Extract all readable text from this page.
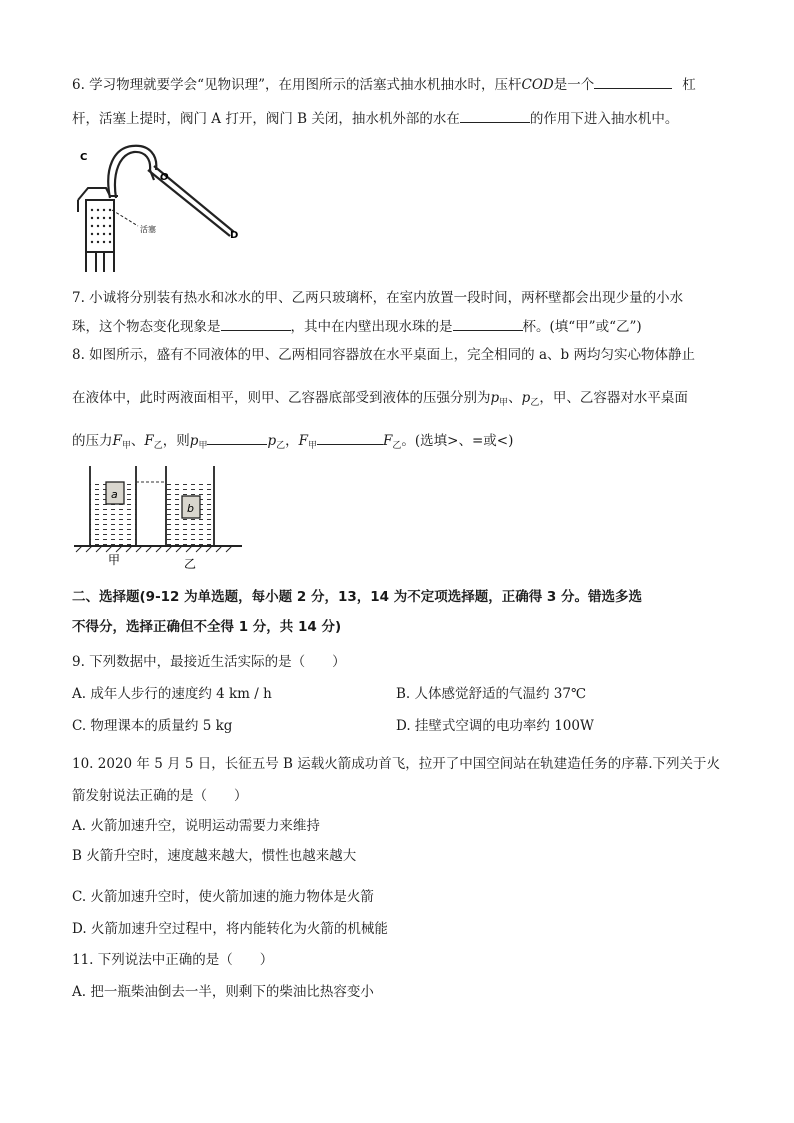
6. 学习物理就要学会“见物识理”，在用图所示的活塞式抽水机抽水时，压杆COD是一个	杠
杆，活塞上提时，阀门 A 打开，阀门 B 关闭，抽水机外部的水在	的作用下进入抽水机中。
C
O
D
活塞
7. 小诚将分别装有热水和冰水的甲、乙两只玻璃杯，在室内放置一段时间，两杯壁都会出现少量的小水
珠，这个物态变化现象是	，其中在内壁出现水珠的是	杯。(填“甲”或“乙”)
8. 如图所示，盛有不同液体的甲、乙两相同容器放在水平桌面上，完全相同的 a、b 两均匀实心物体静止
在液体中，此时两液面相平，则甲、乙容器底部受到液体的压强分别为$p_甲$、$p_乙$，甲、乙容器对水平桌面
的压力$F_甲$、$F_乙$，则$p_甲$	$p_乙$，$F_甲$	$F_乙$。(选填>、=或<)
a
b
甲	乙
二、选择题(9-12 为单选题，每小题 2 分，13，14 为不定项选择题，正确得 3 分。错选多选
不得分，选择正确但不全得 1 分，共 14 分)
9. 下列数据中，最接近生活实际的是（　　）
A. 成年人步行的速度约 4 km / h	B. 人体感觉舒适的气温约 37℃
C. 物理课本的质量约 5 kg	D. 挂壁式空调的电功率约 100W
10. 2020 年 5 月 5 日，长征五号 B 运载火箭成功首飞，拉开了中国空间站在轨建造任务的序幕.下列关于火
箭发射说法正确的是（　　）
A. 火箭加速升空，说明运动需要力来维持
B 火箭升空时，速度越来越大，惯性也越来越大
C. 火箭加速升空时，使火箭加速的施力物体是火箭
D. 火箭加速升空过程中，将内能转化为火箭的机械能
11. 下列说法中正确的是（　　）
A. 把一瓶柴油倒去一半，则剩下的柴油比热容变小
